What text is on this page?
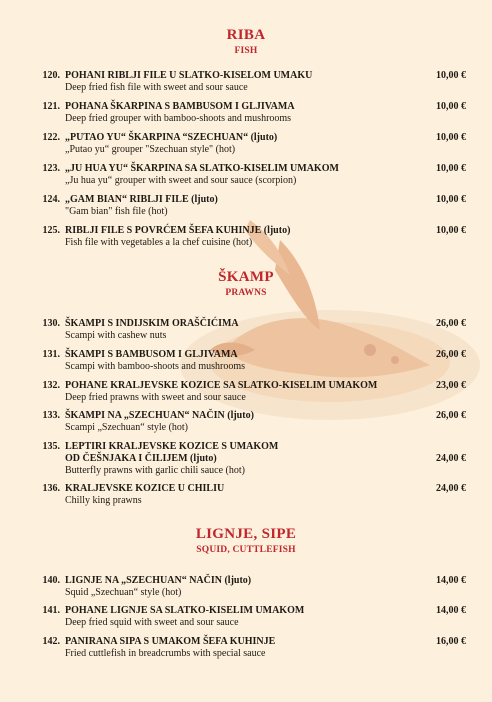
RIBA
FISH
120. POHANI RIBLJI FILE U SLATKO-KISELOM UMAKU
Deep fried fish file with sweet and sour sauce
10,00 €
121. POHANA ŠKARPINA S BAMBUSOM I GLJIVAMA
Deep fried grouper with bamboo-shoots and mushrooms
10,00 €
122. „PUTAO YU“ ŠKARPINA “SZECHUAN“ (ljuto)
„Putao yu“ grouper "Szechuan style" (hot)
10,00 €
123. „JU HUA YU“ ŠKARPINA SA SLATKO-KISELIM UMAKOM
„Ju hua yu“ grouper with sweet and sour sauce (scorpion)
10,00 €
124. „GAM BIAN“ RIBLJI FILE (ljuto)
"Gam bian" fish file (hot)
10,00 €
125. RIBLJI FILE S POVRĆEM ŠEFA KUHINJE (ljuto)
Fish file with vegetables a la chef cuisine (hot)
10,00 €
ŠKAMP
PRAWNS
130. ŠKAMPI S INDIJSKIM ORAŠČIĆIMA
Scampi with cashew nuts
26,00 €
131. ŠKAMPI S BAMBUSOM I GLJIVAMA
Scampi with bamboo-shoots and mushrooms
26,00 €
132. POHANE KRALJEVSKE KOZICE SA SLATKO-KISELIM UMAKOM
Deep fried prawns with sweet and sour sauce
23,00 €
133. ŠKAMPI NA „SZECHUAN“ NAČIN (ljuto)
Scampi „Szechuan“ style (hot)
26,00 €
135. LEPTIRI KRALJEVSKE KOZICE S UMAKOM
OD ČEŠNJAKA I ČILIJEM (ljuto)
Butterfly prawns with garlic chili sauce (hot)
24,00 €
136. KRALJEVSKE KOZICE U CHILIU
Chilly king prawns
24,00 €
LIGNJE, SIPE
SQUID, CUTTLEFISH
140. LIGNJE NA „SZECHUAN“ NAČIN (ljuto)
Squid „Szechuan“ style (hot)
14,00 €
141. POHANE LIGNJE SA SLATKO-KISELIM UMAKOM
Deep fried squid with sweet and sour sauce
14,00 €
142. PANIRANA SIPA S UMAKOM ŠEFA KUHINJE
Fried cuttlefish in breadcrumbs with special sauce
16,00 €
